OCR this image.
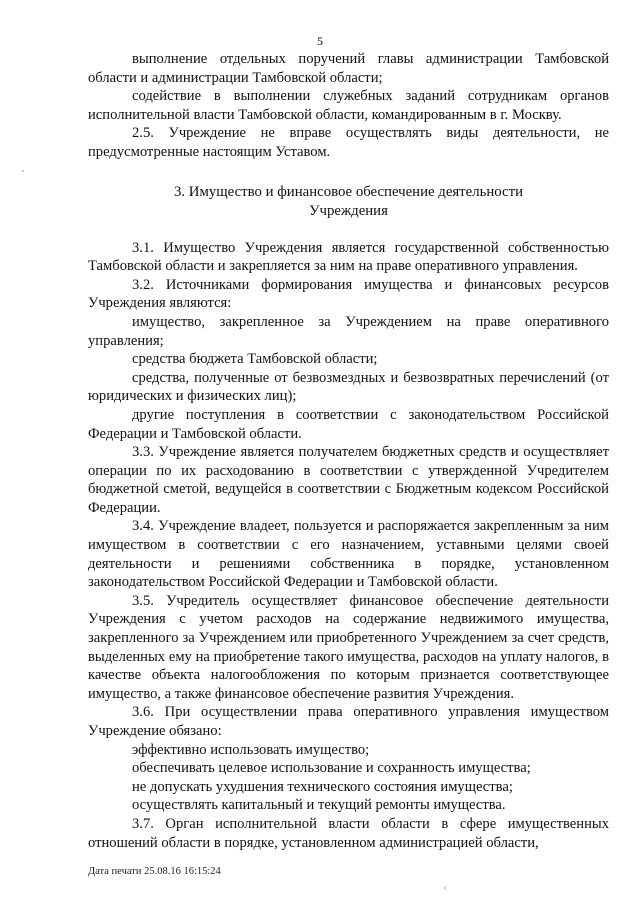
5

выполнение отдельных поручений главы администрации Тамбовской области и администрации Тамбовской области;

содействие в выполнении служебных заданий сотрудникам органов исполнительной власти Тамбовской области, командированным в г. Москву.

2.5. Учреждение не вправе осуществлять виды деятельности, не предусмотренные настоящим Уставом.

3. Имущество и финансовое обеспечение деятельности
Учреждения

3.1. Имущество Учреждения является государственной собственностью Тамбовской области и закрепляется за ним на праве оперативного управления.

3.2. Источниками формирования имущества и финансовых ресурсов Учреждения являются:

имущество, закрепленное за Учреждением на праве оперативного управления;

средства бюджета Тамбовской области;

средства, полученные от безвозмездных и безвозвратных перечислений (от юридических и физических лиц);

другие поступления в соответствии с законодательством Российской Федерации и Тамбовской области.

3.3. Учреждение является получателем бюджетных средств и осуществляет операции по их расходованию в соответствии с утвержденной Учредителем бюджетной сметой, ведущейся в соответствии с Бюджетным кодексом Российской Федерации.

3.4. Учреждение владеет, пользуется и распоряжается закрепленным за ним имуществом в соответствии с его назначением, уставными целями своей деятельности и решениями собственника в порядке, установленном законодательством Российской Федерации и Тамбовской области.

3.5. Учредитель осуществляет финансовое обеспечение деятельности Учреждения с учетом расходов на содержание недвижимого имущества, закрепленного за Учреждением или приобретенного Учреждением за счет средств, выделенных ему на приобретение такого имущества, расходов на уплату налогов, в качестве объекта налогообложения по которым признается соответствующее имущество, а также финансовое обеспечение развития Учреждения.

3.6. При осуществлении права оперативного управления имуществом Учреждение обязано:

эффективно использовать имущество;

обеспечивать целевое использование и сохранность имущества;

не допускать ухудшения технического состояния имущества;

осуществлять капитальный и текущий ремонты имущества.

3.7. Орган исполнительной власти области в сфере имущественных отношений области в порядке, установленном администрацией области,

Дата печати 25.08.16 16:15:24
